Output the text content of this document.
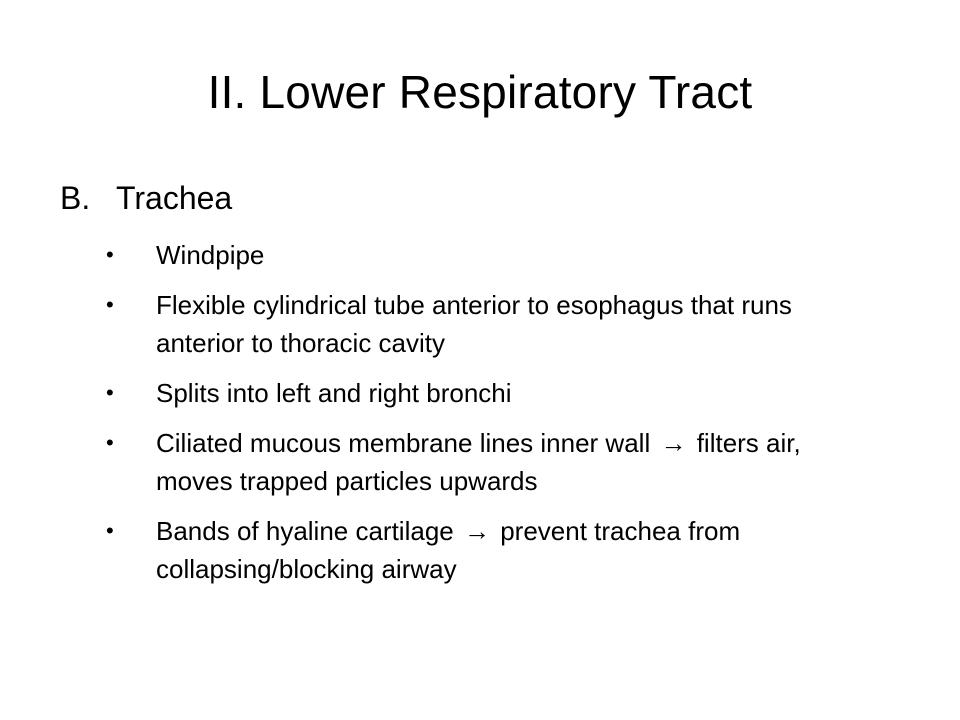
II. Lower Respiratory Tract
B. Trachea
• Windpipe
• Flexible cylindrical tube anterior to esophagus that runs anterior to thoracic cavity
• Splits into left and right bronchi
• Ciliated mucous membrane lines inner wall → filters air, moves trapped particles upwards
• Bands of hyaline cartilage → prevent trachea from collapsing/blocking airway
